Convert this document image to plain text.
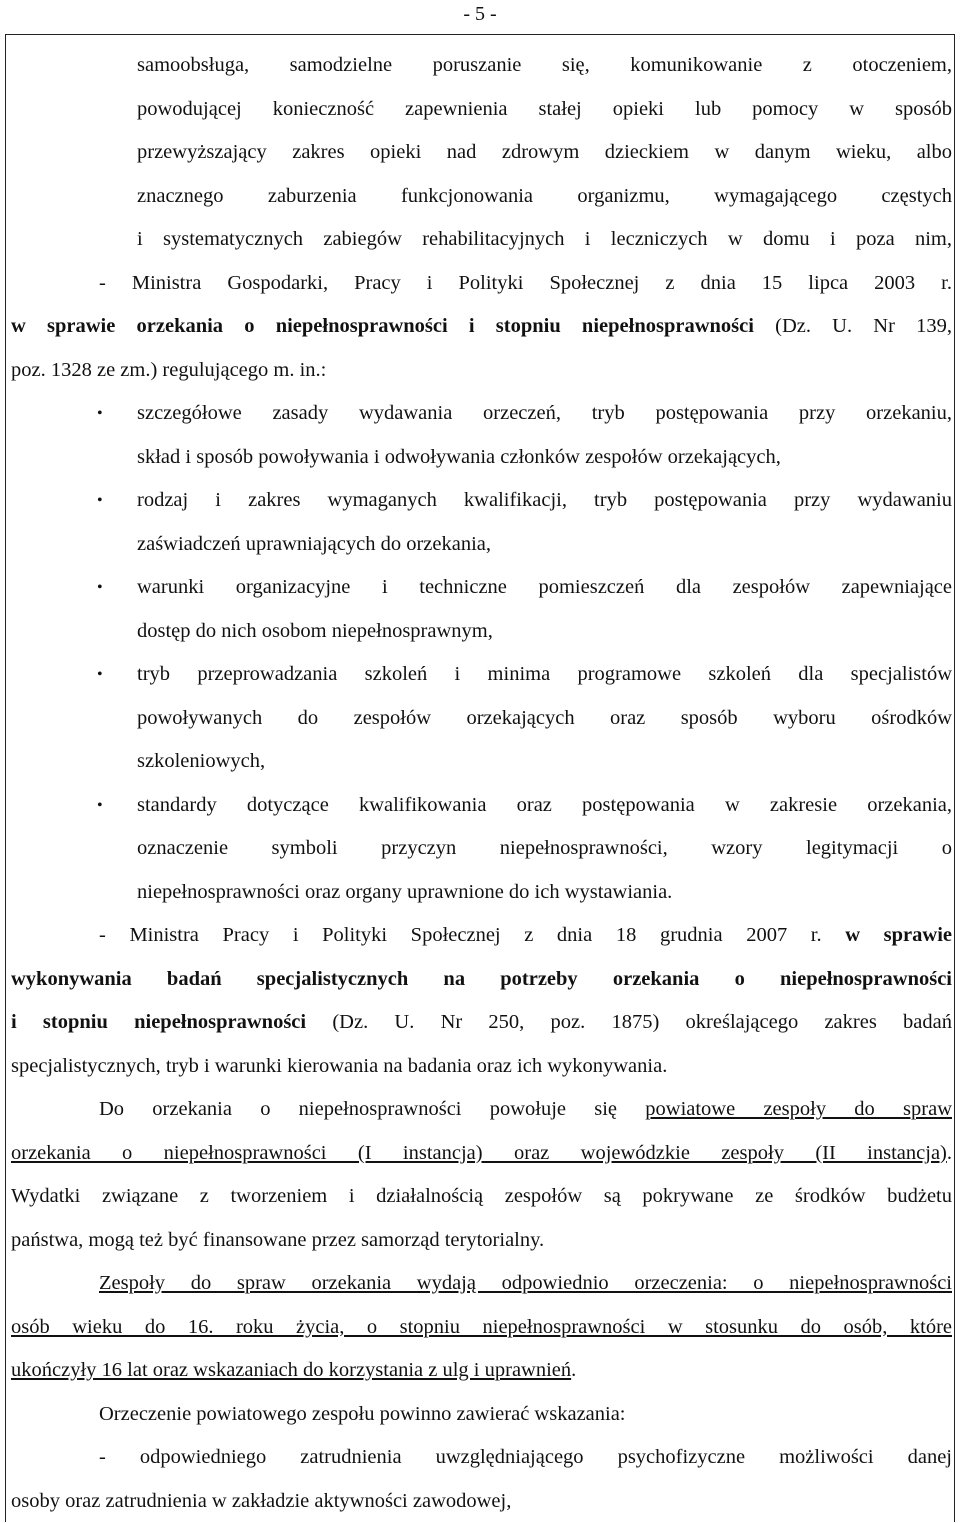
- 5 -
samoobsługa, samodzielne poruszanie się, komunikowanie z otoczeniem,
powodującej konieczność zapewnienia stałej opieki lub pomocy w sposób
przewyższający zakres opieki nad zdrowym dzieckiem w danym wieku, albo
znacznego zaburzenia funkcjonowania organizmu, wymagającego częstych
i systematycznych zabiegów rehabilitacyjnych i leczniczych w domu i poza nim,
- Ministra Gospodarki, Pracy i Polityki Społecznej z dnia 15 lipca 2003 r.
w sprawie orzekania o niepełnosprawności i stopniu niepełnosprawności (Dz. U. Nr 139,
poz. 1328 ze zm.) regulującego m. in.:
• szczegółowe zasady wydawania orzeczeń, tryb postępowania przy orzekaniu,
skład i sposób powoływania i odwoływania członków zespołów orzekających,
• rodzaj i zakres wymaganych kwalifikacji, tryb postępowania przy wydawaniu
zaświadczeń uprawniających do orzekania,
• warunki organizacyjne i techniczne pomieszczeń dla zespołów zapewniające
dostęp do nich osobom niepełnosprawnym,
• tryb przeprowadzania szkoleń i minima programowe szkoleń dla specjalistów
powoływanych do zespołów orzekających oraz sposób wyboru ośrodków
szkoleniowych,
• standardy dotyczące kwalifikowania oraz postępowania w zakresie orzekania,
oznaczenie symboli przyczyn niepełnosprawności, wzory legitymacji o
niepełnosprawności oraz organy uprawnione do ich wystawiania.
- Ministra Pracy i Polityki Społecznej z dnia 18 grudnia 2007 r. w sprawie
wykonywania badań specjalistycznych na potrzeby orzekania o niepełnosprawności
i stopniu niepełnosprawności (Dz. U. Nr 250, poz. 1875) określającego zakres badań
specjalistycznych, tryb i warunki kierowania na badania oraz ich wykonywania.
Do orzekania o niepełnosprawności powołuje się powiatowe zespoły do spraw
orzekania o niepełnosprawności (I instancja) oraz wojewódzkie zespoły (II instancja).
Wydatki związane z tworzeniem i działalnością zespołów są pokrywane ze środków budżetu
państwa, mogą też być finansowane przez samorząd terytorialny.
Zespoły do spraw orzekania wydają odpowiednio orzeczenia: o niepełnosprawności
osób wieku do 16. roku życia, o stopniu niepełnosprawności w stosunku do osób, które
ukończyły 16 lat oraz wskazaniach do korzystania z ulg i uprawnień.
Orzeczenie powiatowego zespołu powinno zawierać wskazania:
- odpowiedniego zatrudnienia uwzględniającego psychofizyczne możliwości danej
osoby oraz zatrudnienia w zakładzie aktywności zawodowej,
